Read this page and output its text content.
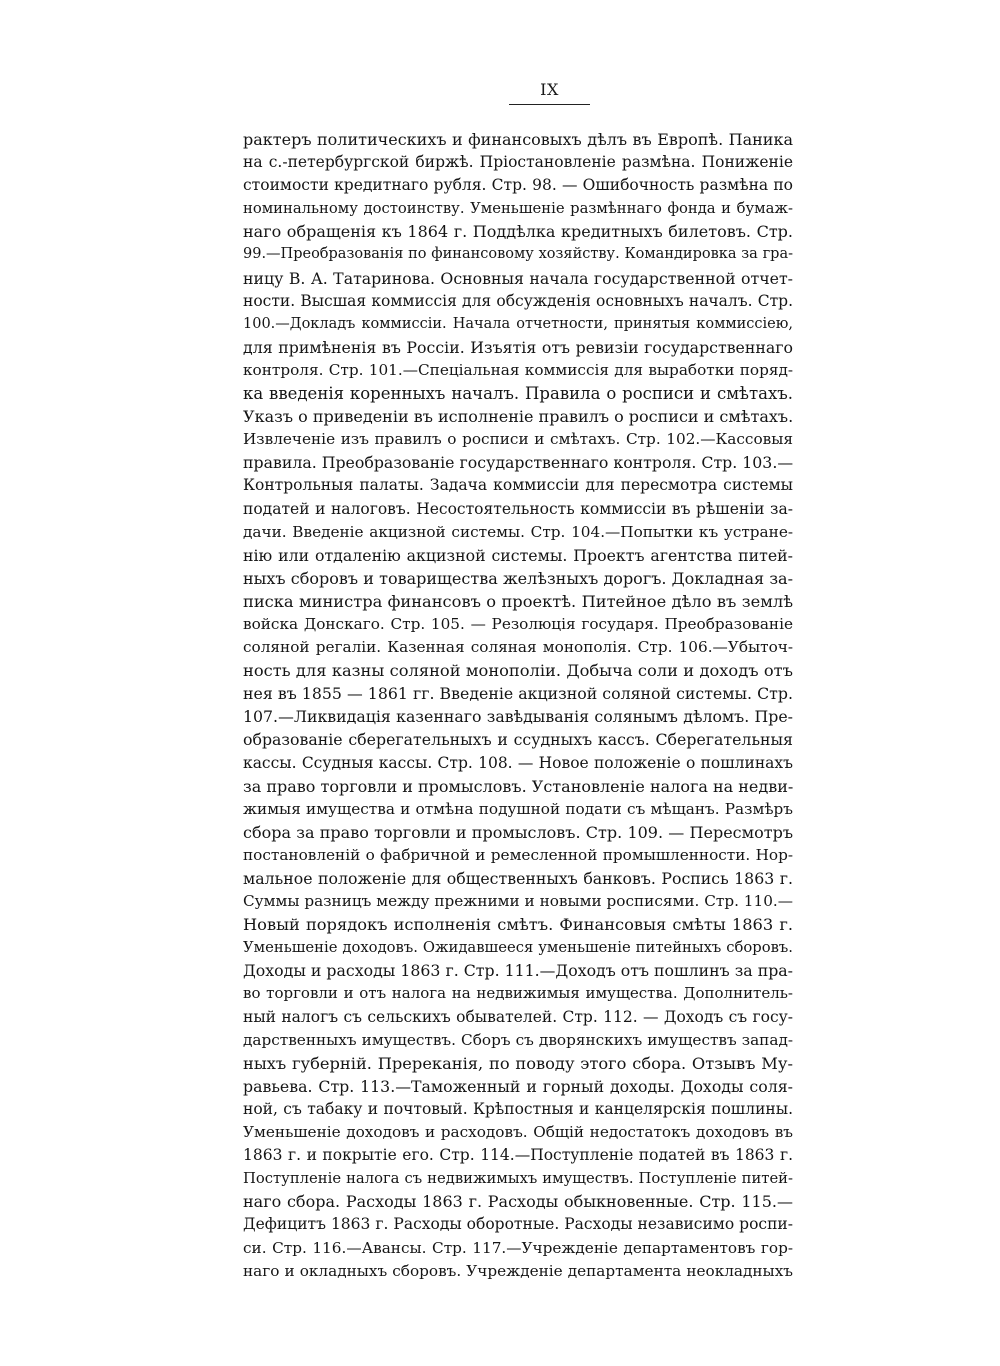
IX
рактеръ политическихъ и финансовыхъ дѣлъ въ Европѣ. Паника
на с.-петербургской биржѣ. Пріостановленіе размѣна. Пониженіе
стоимости кредитнаго рубля. Стр. 98. — Ошибочность размѣна по
номинальному достоинству. Уменьшеніе размѣннаго фонда и бумаж-
наго обращенія къ 1864 г. Поддѣлка кредитныхъ билетовъ. Стр.
99.—Преобразованія по финансовому хозяйству. Командировка за гра-
ницу В. А. Татаринова. Основныя начала государственной отчет-
ности. Высшая коммиссія для обсужденія основныхъ началъ. Стр.
100.—Докладъ коммиссіи. Начала отчетности, принятыя коммиссіею,
для примѣненія въ Россіи. Изъятія отъ ревизіи государственнаго
контроля. Стр. 101.—Спеціальная коммиссія для выработки поряд-
ка введенія коренныхъ началъ. Правила о росписи и смѣтахъ.
Указъ о приведеніи въ исполненіе правилъ о росписи и смѣтахъ.
Извлеченіе изъ правилъ о росписи и смѣтахъ. Стр. 102.—Кассовыя
правила. Преобразованіе государственнаго контроля. Стр. 103.—
Контрольныя палаты. Задача коммиссіи для пересмотра системы
податей и налоговъ. Несостоятельность коммиссіи въ рѣшеніи за-
дачи. Введеніе акцизной системы. Стр. 104.—Попытки къ устране-
нію или отдаленію акцизной системы. Проектъ агентства питей-
ныхъ сборовъ и товарищества желѣзныхъ дорогъ. Докладная за-
писка министра финансовъ о проектѣ. Питейное дѣло въ землѣ
войска Донскаго. Стр. 105. — Резолюція государя. Преобразованіе
соляной регаліи. Казенная соляная монополія. Стр. 106.—Убыточ-
ность для казны соляной монополіи. Добыча соли и доходъ отъ
нея въ 1855 — 1861 гг. Введеніе акцизной соляной системы. Стр.
107.—Ликвидація казеннаго завѣдыванія солянымъ дѣломъ. Пре-
образованіе сберегательныхъ и ссудныхъ кассъ. Сберегательныя
кассы. Ссудныя кассы. Стр. 108. — Новое положеніе о пошлинахъ
за право торговли и промысловъ. Установленіе налога на недви-
жимыя имущества и отмѣна подушной подати съ мѣщанъ. Размѣръ
сбора за право торговли и промысловъ. Стр. 109. — Пересмотръ
постановленій о фабричной и ремесленной промышленности. Нор-
мальное положеніе для общественныхъ банковъ. Роспись 1863 г.
Суммы разницъ между прежними и новыми росписями. Стр. 110.—
Новый порядокъ исполненія смѣтъ. Финансовыя смѣты 1863 г.
Уменьшеніе доходовъ. Ожидавшееся уменьшеніе питейныхъ сборовъ.
Доходы и расходы 1863 г. Стр. 111.—Доходъ отъ пошлинъ за пра-
во торговли и отъ налога на недвижимыя имущества. Дополнитель-
ный налогъ съ сельскихъ обывателей. Стр. 112. — Доходъ съ госу-
дарственныхъ имуществъ. Сборъ съ дворянскихъ имуществъ запад-
ныхъ губерній. Пререканія, по поводу этого сбора. Отзывъ Му-
равьева. Стр. 113.—Таможенный и горный доходы. Доходы соля-
ной, съ табаку и почтовый. Крѣпостныя и канцелярскія пошлины.
Уменьшеніе доходовъ и расходовъ. Общій недостатокъ доходовъ въ
1863 г. и покрытіе его. Стр. 114.—Поступленіе податей въ 1863 г.
Поступленіе налога съ недвижимыхъ имуществъ. Поступленіе питей-
наго сбора. Расходы 1863 г. Расходы обыкновенные. Стр. 115.—
Дефицитъ 1863 г. Расходы оборотные. Расходы независимо роспи-
си. Стр. 116.—Авансы. Стр. 117.—Учрежденіе департаментовъ гор-
наго и окладныхъ сборовъ. Учрежденіе департамента неокладныхъ
